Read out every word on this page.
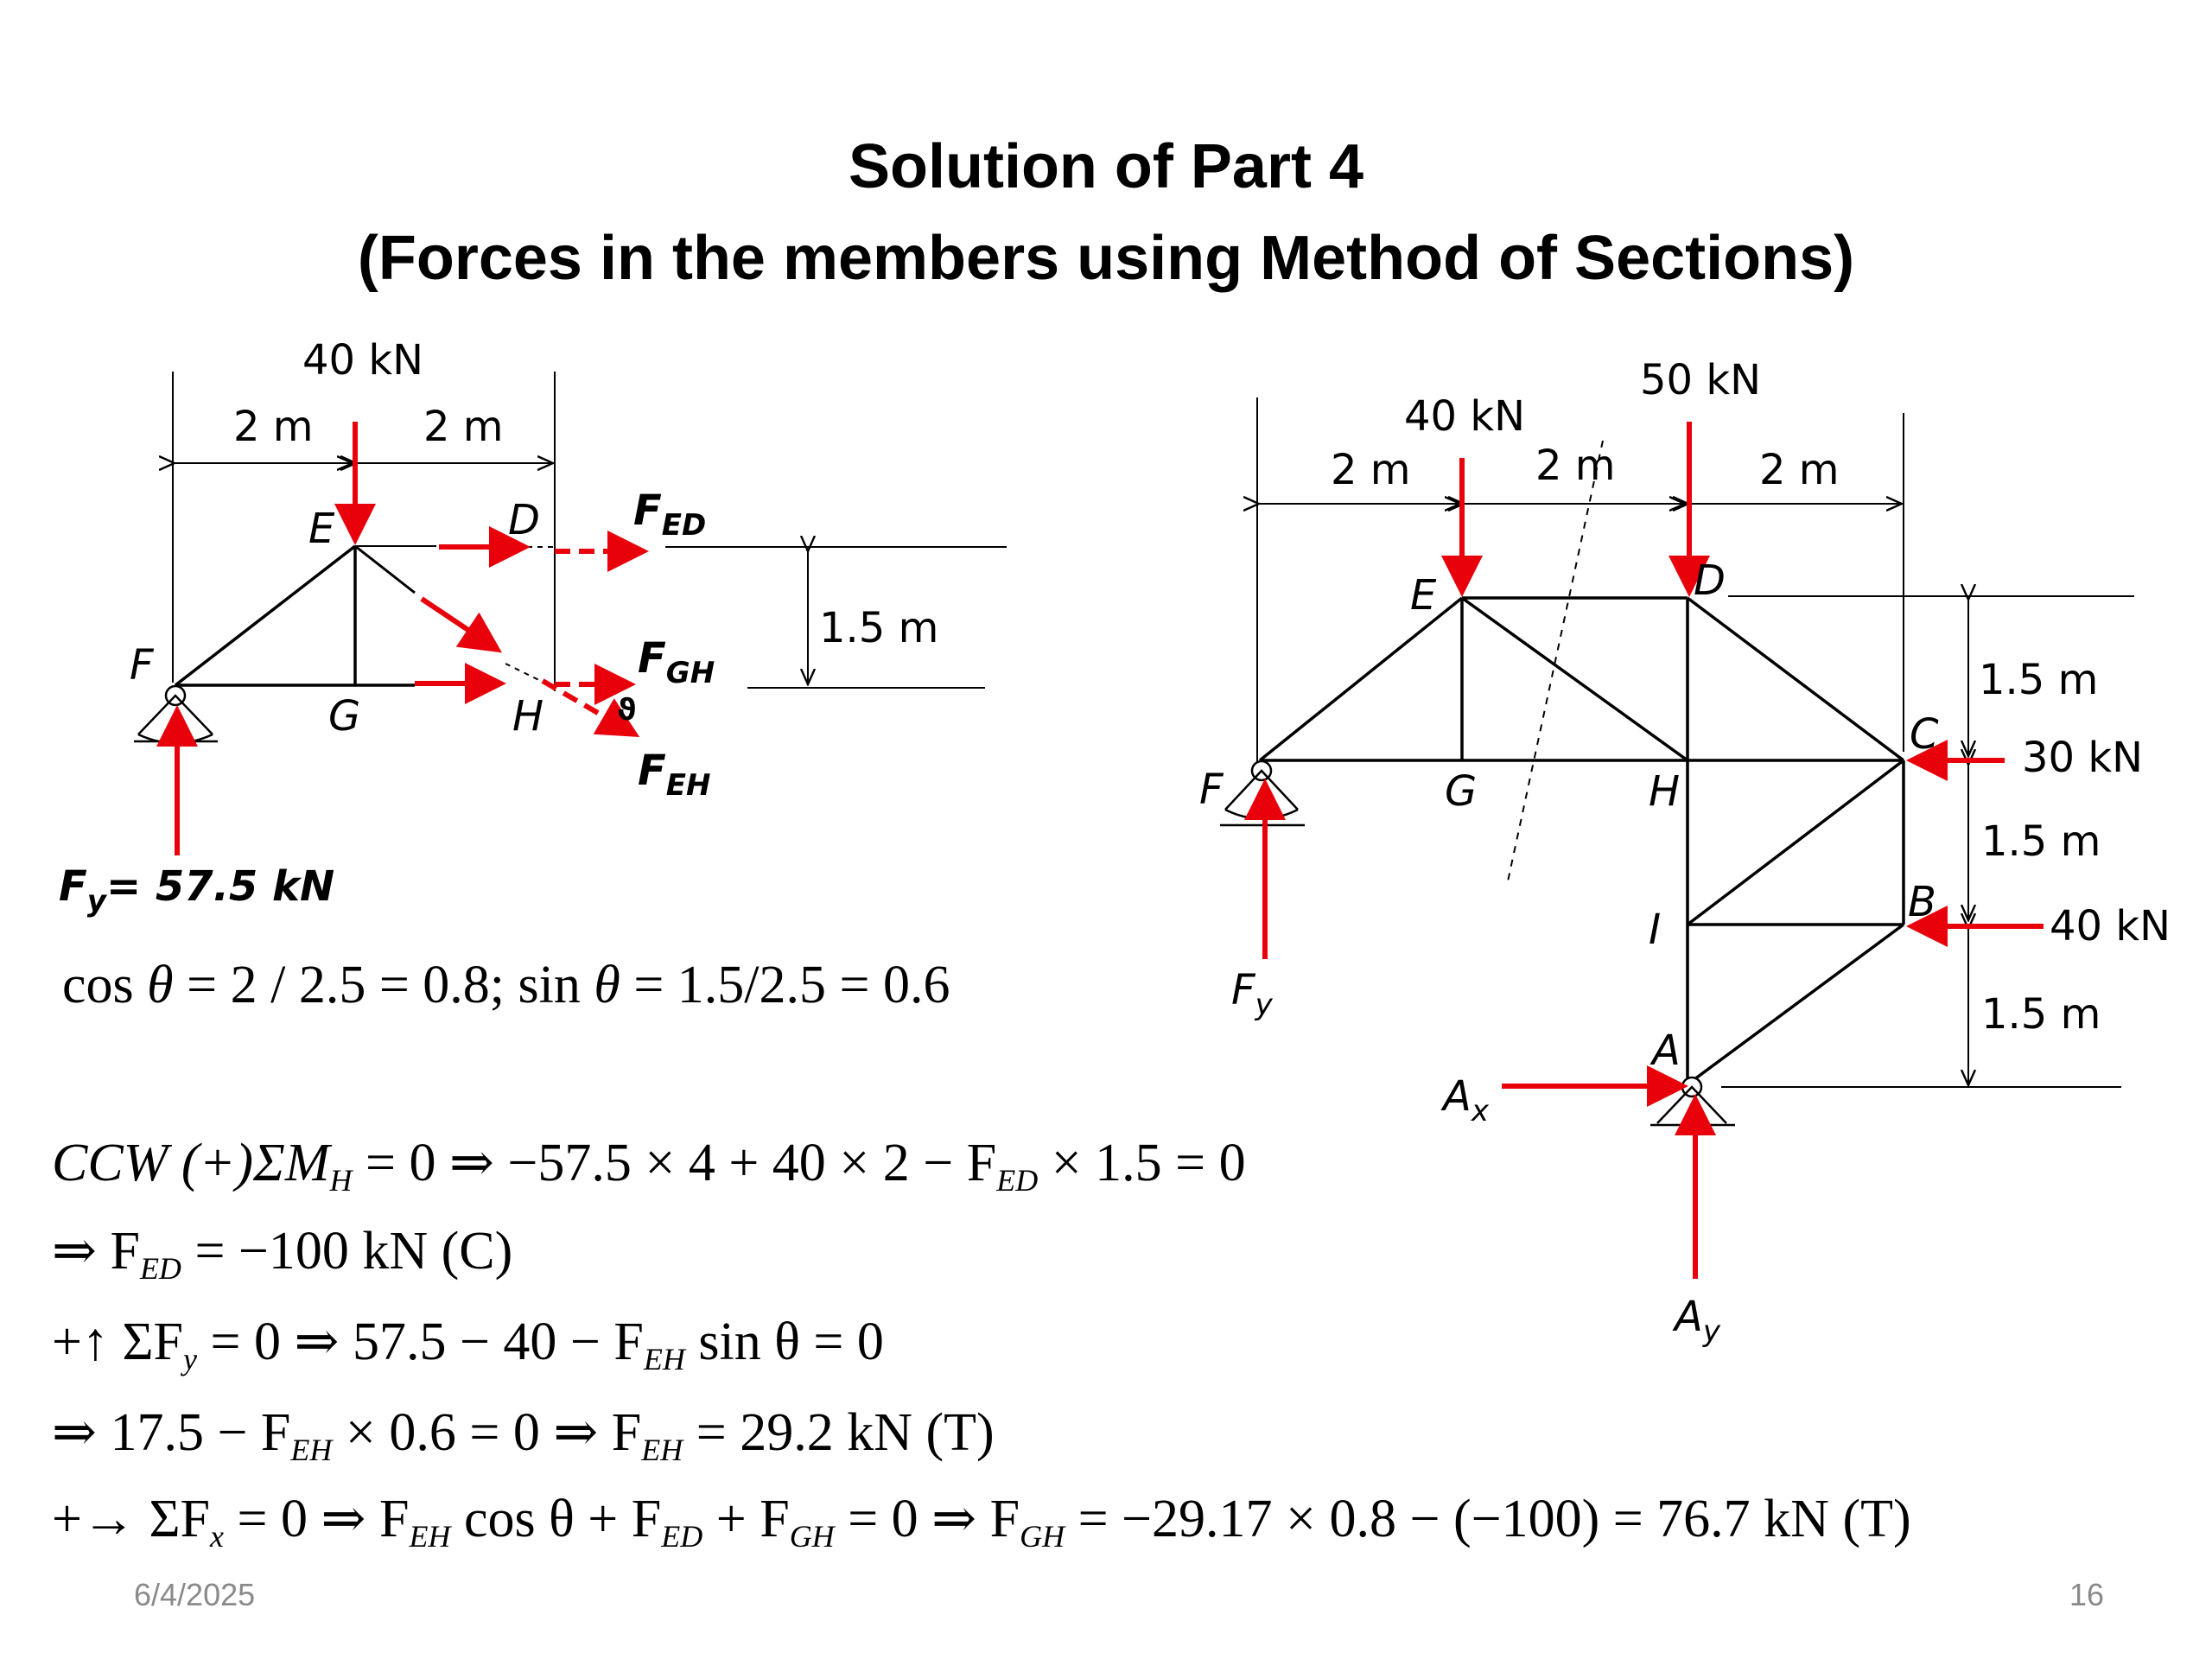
Solution of Part 4
(Forces in the members using Method of Sections)
40 kN
2 m	2 m
1.5 m
E	D
F
G	H ϑ
$F_{ED}$
$F_{GH}$
$F_{EH}$
$F_y= 57.5$ kN
40 kN
50 kN
2 m	2 m	2 m
1.5 m
1.5 m
1.5 m
30 kN
40 kN
E	D
C
B
A
F	G	H
I
$F_y$
$A_x$
$A_y$
cos θ = 2 / 2.5 = 0.8; sin θ = 1.5/2.5 = 0.6
CCW $(+)\Sigma M_H = 0$ ⇒ $-57.5 \times 4 + 40 \times 2 - F_{ED} \times 1.5 = 0$
⇒ $F_{ED} = -100$ kN (C)
+↑ $\Sigma F_y = 0$ ⇒ $57.5 - 40 - F_{EH}$ sin θ = 0
⇒ $17.5 - F_{EH} \times 0.6 = 0$ ⇒ $F_{EH} = 29.2$ kN (T)
+→ $\Sigma F_x = 0$ ⇒ $F_{EH}$ $\cos \theta + F_{ED} + F_{GH} = 0$ ⇒ $F_{GH} = -29.17 \times 0.8 - (-100) = 76.7$ kN (T)
6/4/2025	16
